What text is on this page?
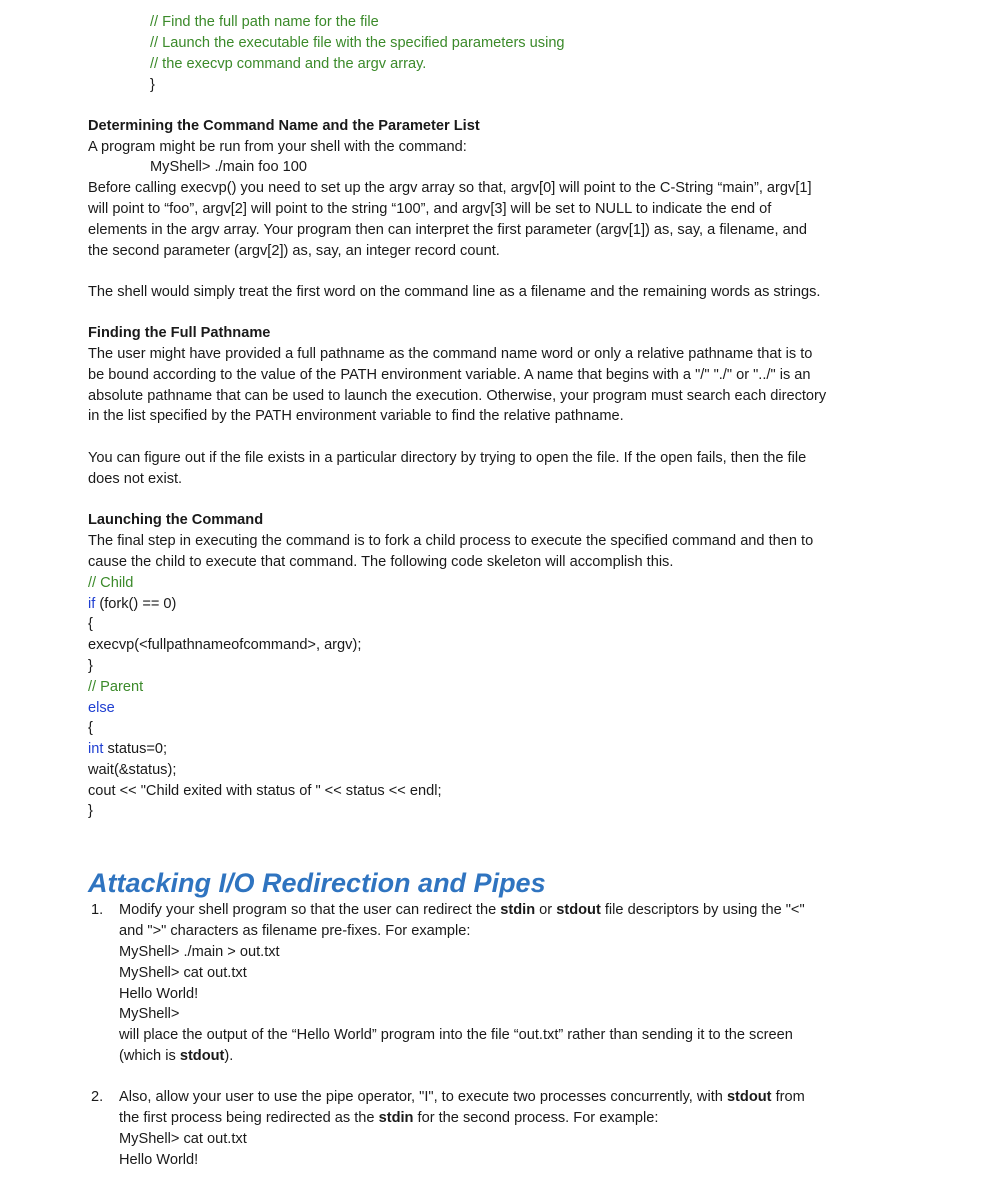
// Find the full path name for the file
// Launch the executable file with the specified parameters using
// the execvp command and the argv array.
}
Determining the Command Name and the Parameter List
A program might be run from your shell with the command:
MyShell> ./main foo 100
Before calling execvp() you need to set up the argv array so that, argv[0] will point to the C-String “main”, argv[1]
will point to “foo”, argv[2] will point to the string “100”, and argv[3] will be set to NULL to indicate the end of
elements in the argv array. Your program then can interpret the first parameter (argv[1]) as, say, a filename, and
the second parameter (argv[2]) as, say, an integer record count.
The shell would simply treat the first word on the command line as a filename and the remaining words as strings.
Finding the Full Pathname
The user might have provided a full pathname as the command name word or only a relative pathname that is to
be bound according to the value of the PATH environment variable. A name that begins with a "/" "./" or "../" is an
absolute pathname that can be used to launch the execution. Otherwise, your program must search each directory
in the list specified by the PATH environment variable to find the relative pathname.
You can figure out if the file exists in a particular directory by trying to open the file. If the open fails, then the file
does not exist.
Launching the Command
The final step in executing the command is to fork a child process to execute the specified command and then to
cause the child to execute that command. The following code skeleton will accomplish this.
// Child
if (fork() == 0)
{
execvp(<fullpathnameofcommand>, argv);
}
// Parent
else
{
int status=0;
wait(&status);
cout << "Child exited with status of " << status << endl;
}
Attacking I/O Redirection and Pipes
1. Modify your shell program so that the user can redirect the stdin or stdout file descriptors by using the "<"
and ">" characters as filename pre-fixes. For example:
MyShell> ./main > out.txt
MyShell> cat out.txt
Hello World!
MyShell>
will place the output of the “Hello World” program into the file “out.txt” rather than sending it to the screen
(which is stdout).
2. Also, allow your user to use the pipe operator, "I", to execute two processes concurrently, with stdout from
the first process being redirected as the stdin for the second process. For example:
MyShell> cat out.txt
Hello World!
